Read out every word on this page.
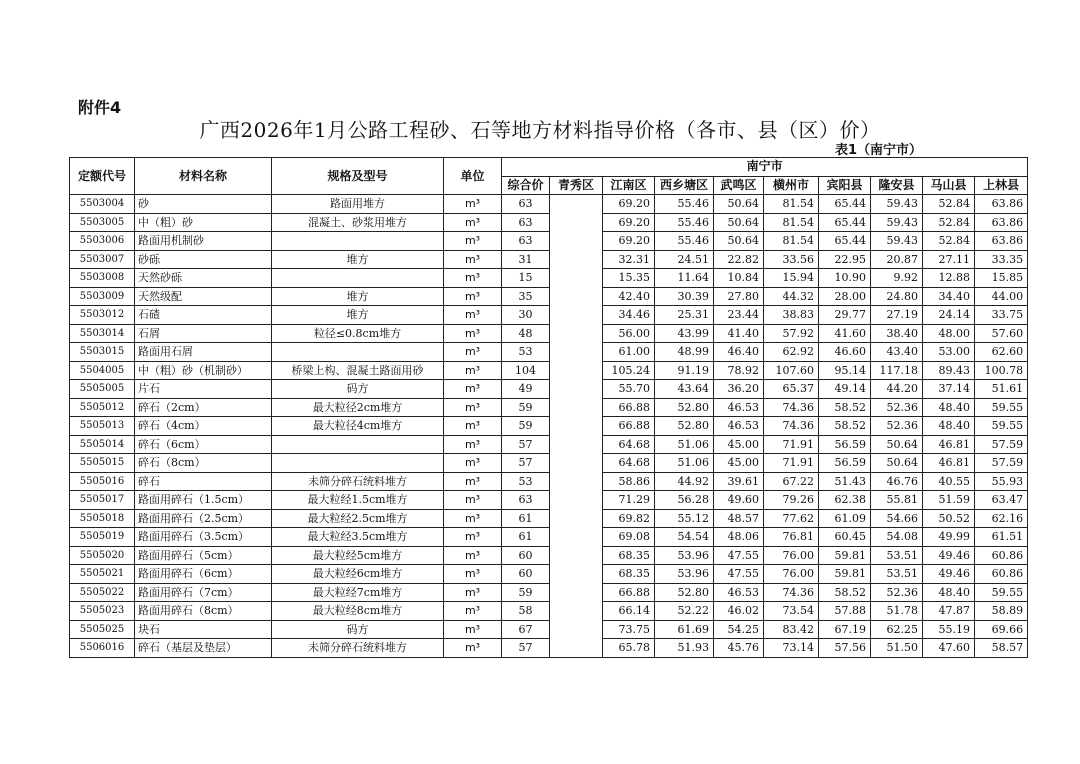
附件4
广西2026年1月公路工程砂、石等地方材料指导价格（各市、县（区）价）
表1（南宁市）
定额代号	材料名称	规格及型号	单位	南宁市									
				综合价	青秀区	江南区	西乡塘区	武鸣区	横州市	宾阳县	隆安县	马山县	上林县
5503004	砂	路面用堆方	m³	63		69.20	55.46	50.64	81.54	65.44	59.43	52.84	63.86
5503005	中（粗）砂	混凝土、砂浆用堆方	m³	63		69.20	55.46	50.64	81.54	65.44	59.43	52.84	63.86
5503006	路面用机制砂		m³	63		69.20	55.46	50.64	81.54	65.44	59.43	52.84	63.86
5503007	砂砾	堆方	m³	31		32.31	24.51	22.82	33.56	22.95	20.87	27.11	33.35
5503008	天然砂砾		m³	15		15.35	11.64	10.84	15.94	10.90	9.92	12.88	15.85
5503009	天然级配	堆方	m³	35		42.40	30.39	27.80	44.32	28.00	24.80	34.40	44.00
5503012	石碴	堆方	m³	30		34.46	25.31	23.44	38.83	29.77	27.19	24.14	33.75
5503014	石屑	粒径≤0.8cm堆方	m³	48		56.00	43.99	41.40	57.92	41.60	38.40	48.00	57.60
5503015	路面用石屑		m³	53		61.00	48.99	46.40	62.92	46.60	43.40	53.00	62.60
5504005	中（粗）砂（机制砂）	桥梁上构、混凝土路面用砂	m³	104		105.24	91.19	78.92	107.60	95.14	117.18	89.43	100.78
5505005	片石	码方	m³	49		55.70	43.64	36.20	65.37	49.14	44.20	37.14	51.61
5505012	碎石（2cm）	最大粒径2cm堆方	m³	59		66.88	52.80	46.53	74.36	58.52	52.36	48.40	59.55
5505013	碎石（4cm）	最大粒径4cm堆方	m³	59		66.88	52.80	46.53	74.36	58.52	52.36	48.40	59.55
5505014	碎石（6cm）		m³	57		64.68	51.06	45.00	71.91	56.59	50.64	46.81	57.59
5505015	碎石（8cm）		m³	57		64.68	51.06	45.00	71.91	56.59	50.64	46.81	57.59
5505016	碎石	未筛分碎石统料堆方	m³	53		58.86	44.92	39.61	67.22	51.43	46.76	40.55	55.93
5505017	路面用碎石（1.5cm）	最大粒经1.5cm堆方	m³	63		71.29	56.28	49.60	79.26	62.38	55.81	51.59	63.47
5505018	路面用碎石（2.5cm）	最大粒经2.5cm堆方	m³	61		69.82	55.12	48.57	77.62	61.09	54.66	50.52	62.16
5505019	路面用碎石（3.5cm）	最大粒经3.5cm堆方	m³	61		69.08	54.54	48.06	76.81	60.45	54.08	49.99	61.51
5505020	路面用碎石（5cm）	最大粒经5cm堆方	m³	60		68.35	53.96	47.55	76.00	59.81	53.51	49.46	60.86
5505021	路面用碎石（6cm）	最大粒经6cm堆方	m³	60		68.35	53.96	47.55	76.00	59.81	53.51	49.46	60.86
5505022	路面用碎石（7cm）	最大粒经7cm堆方	m³	59		66.88	52.80	46.53	74.36	58.52	52.36	48.40	59.55
5505023	路面用碎石（8cm）	最大粒经8cm堆方	m³	58		66.14	52.22	46.02	73.54	57.88	51.78	47.87	58.89
5505025	块石	码方	m³	67		73.75	61.69	54.25	83.42	67.19	62.25	55.19	69.66
5506016	碎石（基层及垫层）	未筛分碎石统料堆方	m³	57		65.78	51.93	45.76	73.14	57.56	51.50	47.60	58.57
